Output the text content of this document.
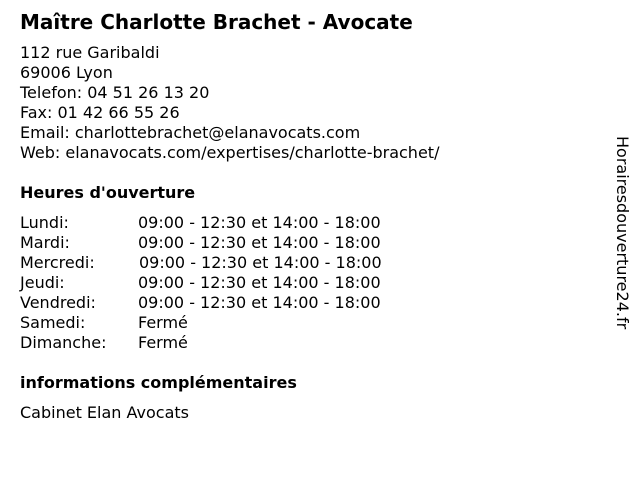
Maître Charlotte Brachet - Avocate
112 rue Garibaldi
69006 Lyon
Telefon: 04 51 26 13 20
Fax: 01 42 66 55 26
Email: charlottebrachet@elanavocats.com
Web: elanavocats.com/expertises/charlotte-brachet/
Heures d'ouverture
Lundi:	09:00 - 12:30 et 14:00 - 18:00
Mardi:	09:00 - 12:30 et 14:00 - 18:00
Mercredi:	09:00 - 12:30 et 14:00 - 18:00
Jeudi:	09:00 - 12:30 et 14:00 - 18:00
Vendredi:	09:00 - 12:30 et 14:00 - 18:00
Samedi:	Fermé
Dimanche: Fermé
informations complémentaires
Cabinet Elan Avocats
Horairesdouverture24.fr
